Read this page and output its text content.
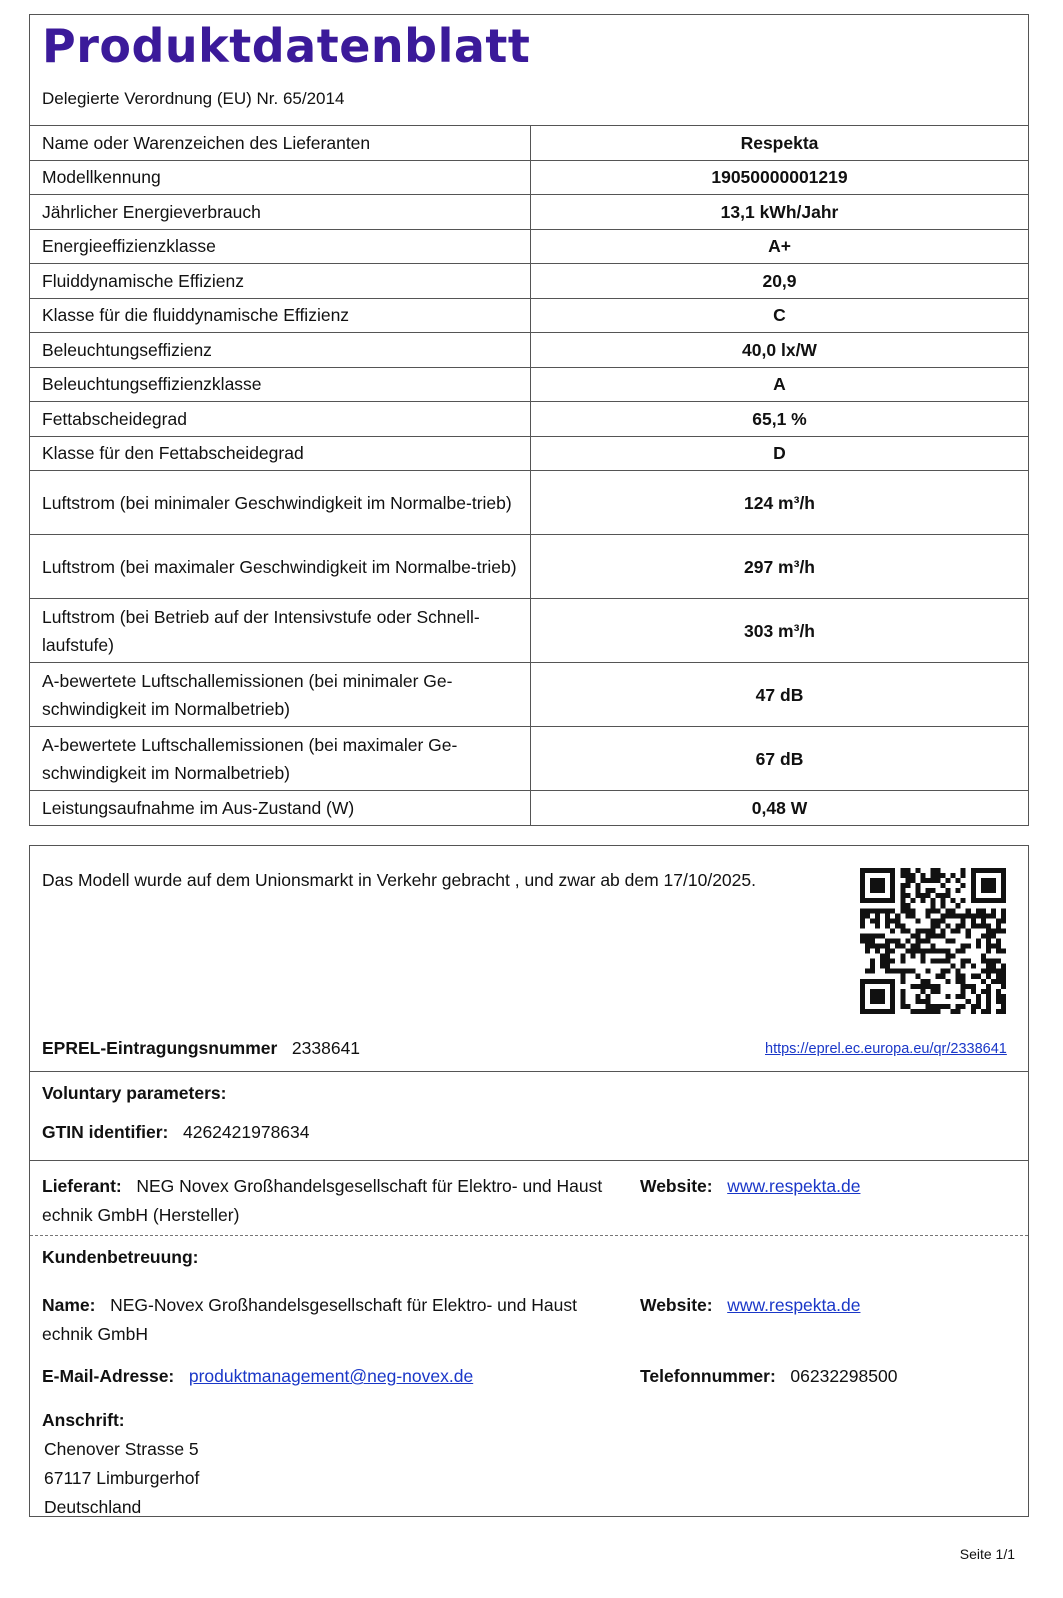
Produktdatenblatt
Delegierte Verordnung (EU) Nr. 65/2014
Name oder Warenzeichen des Lieferanten	Respekta
Modellkennung	19050000001219
Jährlicher Energieverbrauch	13,1 kWh/Jahr
Energieeffizienzklasse	A+
Fluiddynamische Effizienz	20,9
Klasse für die fluiddynamische Effizienz	C
Beleuchtungseffizienz	40,0 lx/W
Beleuchtungseffizienzklasse	A
Fettabscheidegrad	65,1 %
Klasse für den Fettabscheidegrad	D
Luftstrom (bei minimaler Geschwindigkeit im Normalbe-trieb)	124 m³/h
Luftstrom (bei maximaler Geschwindigkeit im Normalbe-trieb)	297 m³/h
Luftstrom (bei Betrieb auf der Intensivstufe oder Schnell-laufstufe)	303 m³/h
A-bewertete Luftschallemissionen (bei minimaler Ge-schwindigkeit im Normalbetrieb)	47 dB
A-bewertete Luftschallemissionen (bei maximaler Ge-schwindigkeit im Normalbetrieb)	67 dB
Leistungsaufnahme im Aus-Zustand (W)	0,48 W
Das Modell wurde auf dem Unionsmarkt in Verkehr gebracht , und zwar ab dem 17/10/2025.
EPREL-Eintragungsnummer 2338641	https://eprel.ec.europa.eu/qr/2338641
Voluntary parameters:
GTIN identifier: 4262421978634
Lieferant: NEG Novex Großhandelsgesellschaft für Elektro- und Haust
echnik GmbH (Hersteller)
Website: www.respekta.de
Kundenbetreuung:
Name: NEG-Novex Großhandelsgesellschaft für Elektro- und Haust
echnik GmbH
Website: www.respekta.de
E-Mail-Adresse: produktmanagement@neg-novex.de	Telefonnummer: 06232298500
Anschrift:
Chenover Strasse 5
67117 Limburgerhof
Deutschland
Seite 1/1
